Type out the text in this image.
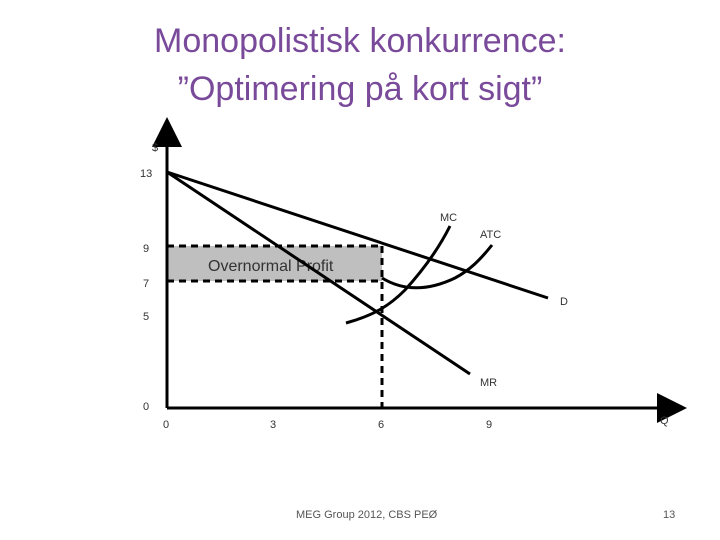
Monopolistisk konkurrence:
”Optimering på kort sigt”
Overnormal Profit
MC
ATC
D
MR
$
Q
13
9
7
5
0
0	3	6	9
MEG Group 2012, CBS PEØ	13
